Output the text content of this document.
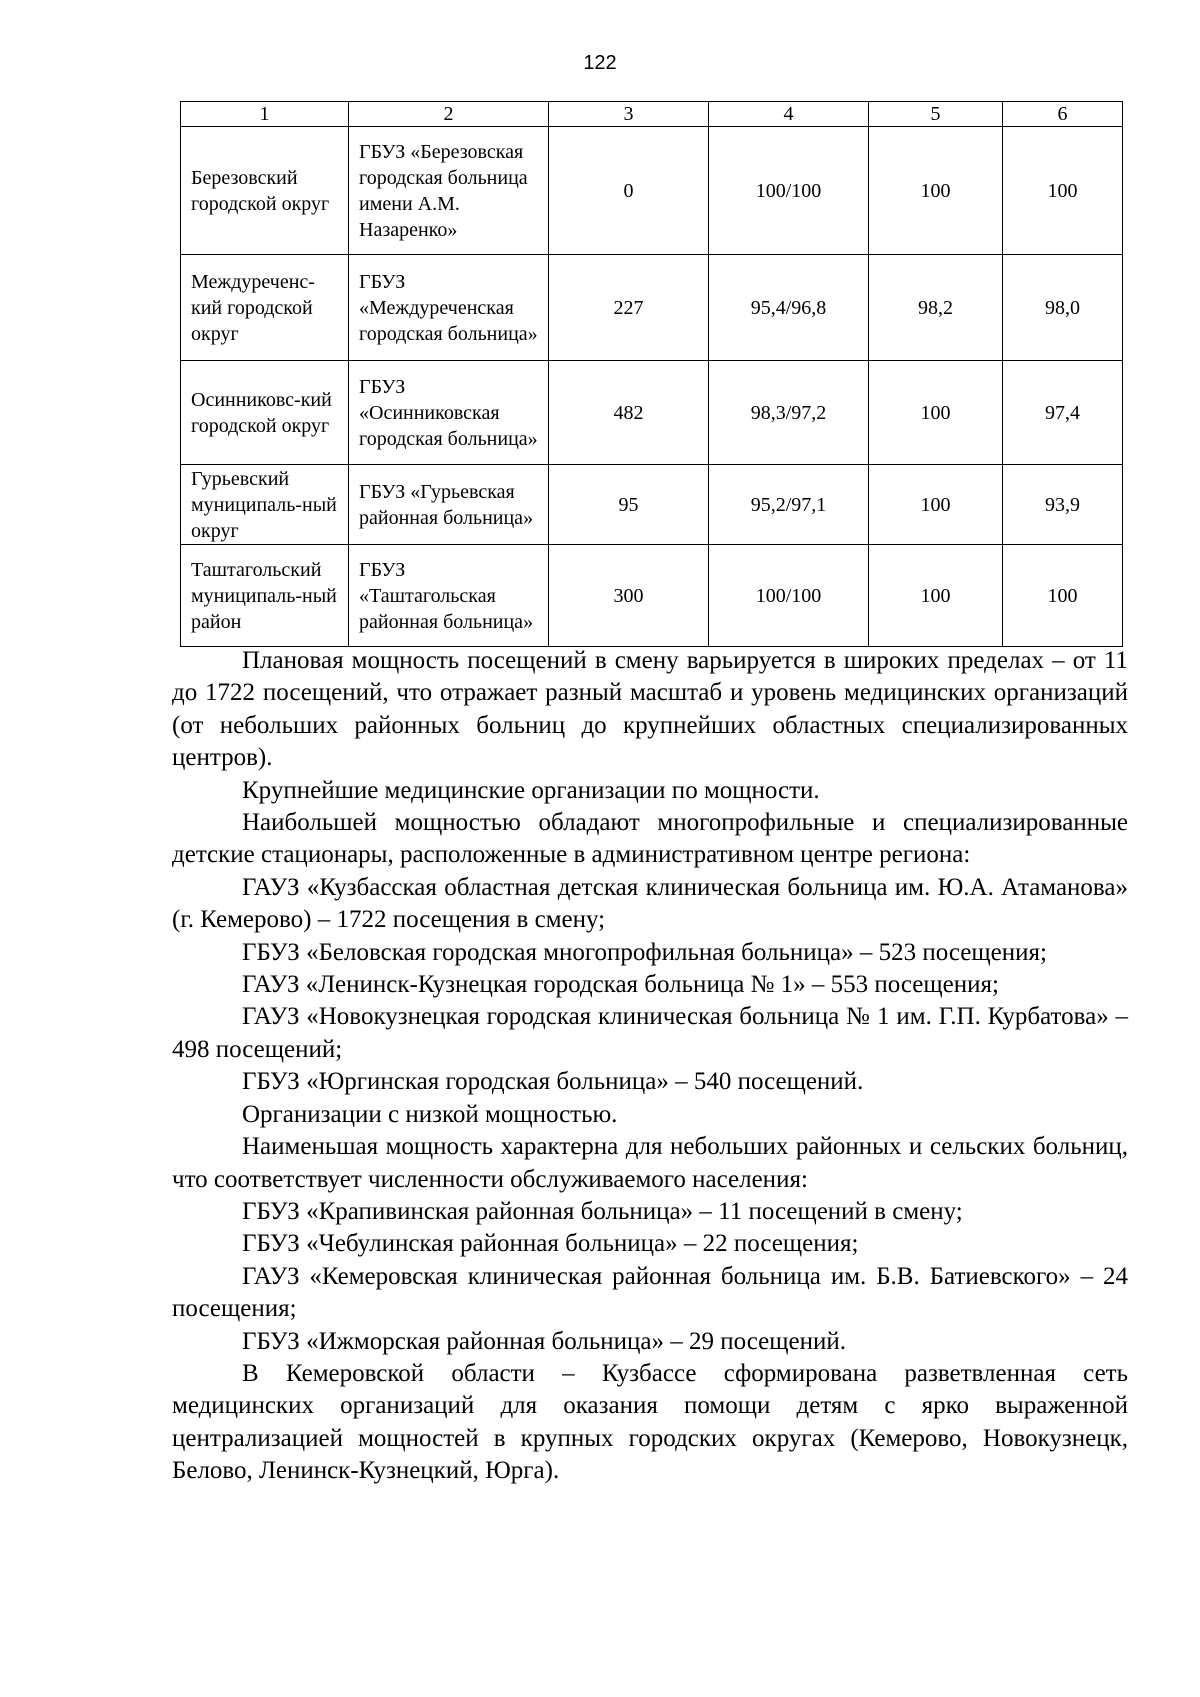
122
1	2	3	4	5	6
Березовский городской округ	ГБУЗ «Березовская городская больница имени А.М. Назаренко»	0	100/100	100	100
Междуреченс-кий городской округ	ГБУЗ «Междуреченская городская больница»	227	95,4/96,8	98,2	98,0
Осинниковс-кий городской округ	ГБУЗ «Осинниковская городская больница»	482	98,3/97,2	100	97,4
Гурьевский муниципаль-ный округ	ГБУЗ «Гурьевская районная больница»	95	95,2/97,1	100	93,9
Таштагольский муниципаль-ный район	ГБУЗ «Таштагольская районная больница»	300	100/100	100	100

Плановая мощность посещений в смену варьируется в широких пределах – от 11 до 1722 посещений, что отражает разный масштаб и уровень медицинских организаций (от небольших районных больниц до крупнейших областных специализированных центров).

Крупнейшие медицинские организации по мощности.

Наибольшей мощностью обладают многопрофильные и специализированные детские стационары, расположенные в административном центре региона:

ГАУЗ «Кузбасская областная детская клиническая больница им. Ю.А. Атаманова» (г. Кемерово) – 1722 посещения в смену;

ГБУЗ «Беловская городская многопрофильная больница» – 523 посещения;

ГАУЗ «Ленинск-Кузнецкая городская больница № 1» – 553 посещения;

ГАУЗ «Новокузнецкая городская клиническая больница № 1 им. Г.П. Курбатова» – 498 посещений;

ГБУЗ «Юргинская городская больница» – 540 посещений.

Организации с низкой мощностью.

Наименьшая мощность характерна для небольших районных и сельских больниц, что соответствует численности обслуживаемого населения:

ГБУЗ «Крапивинская районная больница» – 11 посещений в смену;

ГБУЗ «Чебулинская районная больница» – 22 посещения;

ГАУЗ «Кемеровская клиническая районная больница им. Б.В. Батиевского» – 24 посещения;

ГБУЗ «Ижморская районная больница» – 29 посещений.

В Кемеровской области – Кузбассе сформирована разветвленная сеть медицинских организаций для оказания помощи детям с ярко выраженной централизацией мощностей в крупных городских округах (Кемерово, Новокузнецк, Белово, Ленинск-Кузнецкий, Юрга).
